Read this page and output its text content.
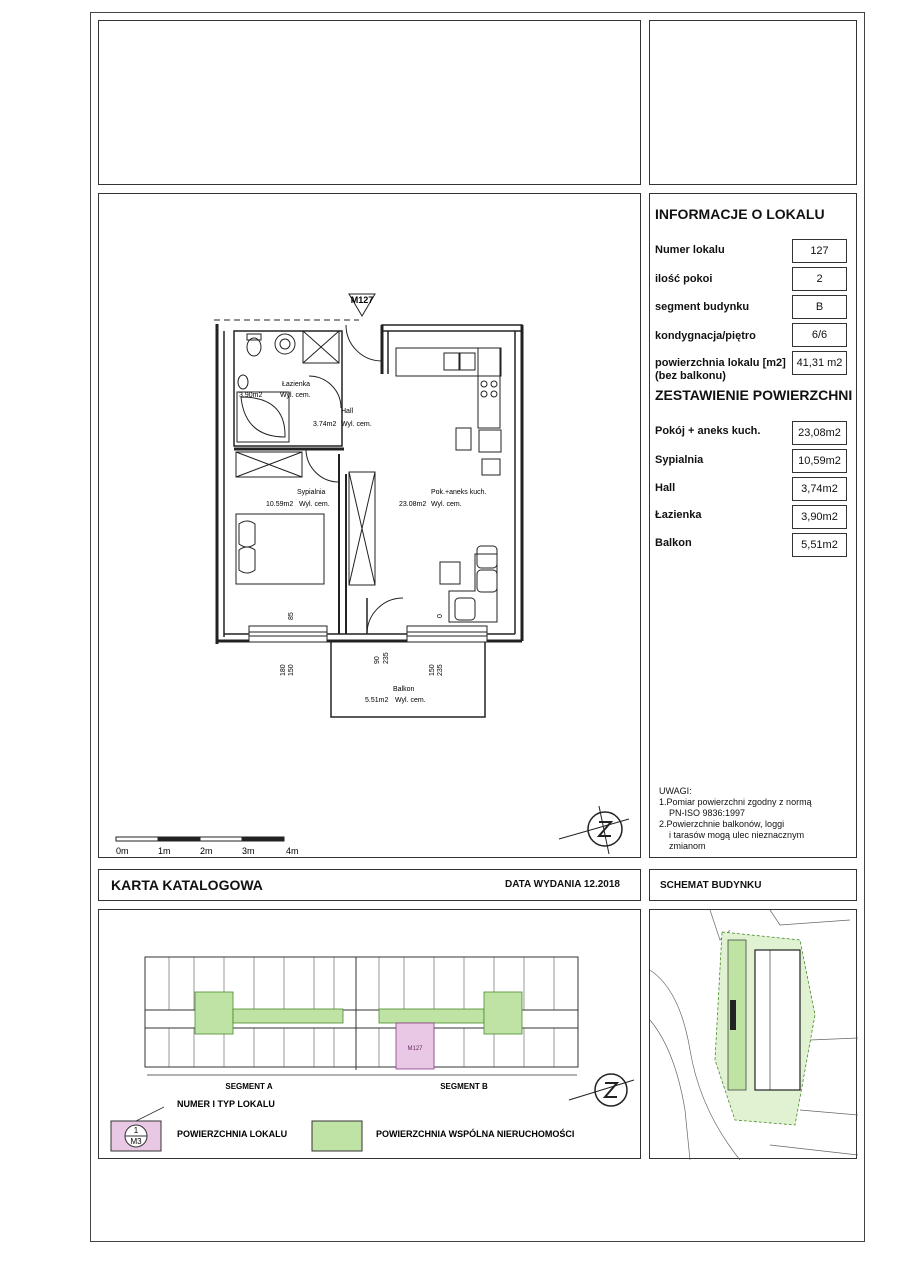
M127
Łazienka
3.90m2	Wyl. cem.
Hall
3.74m2 Wyl. cem.
Sypialnia
10.59m2 Wyl. cem.
Pok.+aneks kuch.
23.08m2 Wyl. cem.
Balkon
5.51m2 Wyl. cem.
85
180 150
90 235
150 235
0
0m	1m	2m	3m	4m
INFORMACJE O LOKALU
Numer lokalu	127
ilość pokoi	2
segment budynku	B
kondygnacja/piętro	6/6
powierzchnia lokalu [m2]
(bez balkonu)
41,31 m2
ZESTAWIENIE POWIERZCHNI
Pokój + aneks kuch.	23,08m2
Sypialnia	10,59m2
Hall	3,74m2
Łazienka	3,90m2
Balkon	5,51m2
UWAGI:
1.Pomiar powierzchni zgodny z normą
PN-ISO 9836:1997
2.Powierzchnie balkonów, loggi
i tarasów mogą ulec nieznacznym
zmianom
KARTA KATALOGOWA	DATA WYDANIA 12.2018	SCHEMAT BUDYNKU
M127
SEGMENT A	SEGMENT B
1
M3
NUMER I TYP LOKALU
POWIERZCHNIA LOKALU	POWIERZCHNIA WSPÓLNA NIERUCHOMOŚCI
